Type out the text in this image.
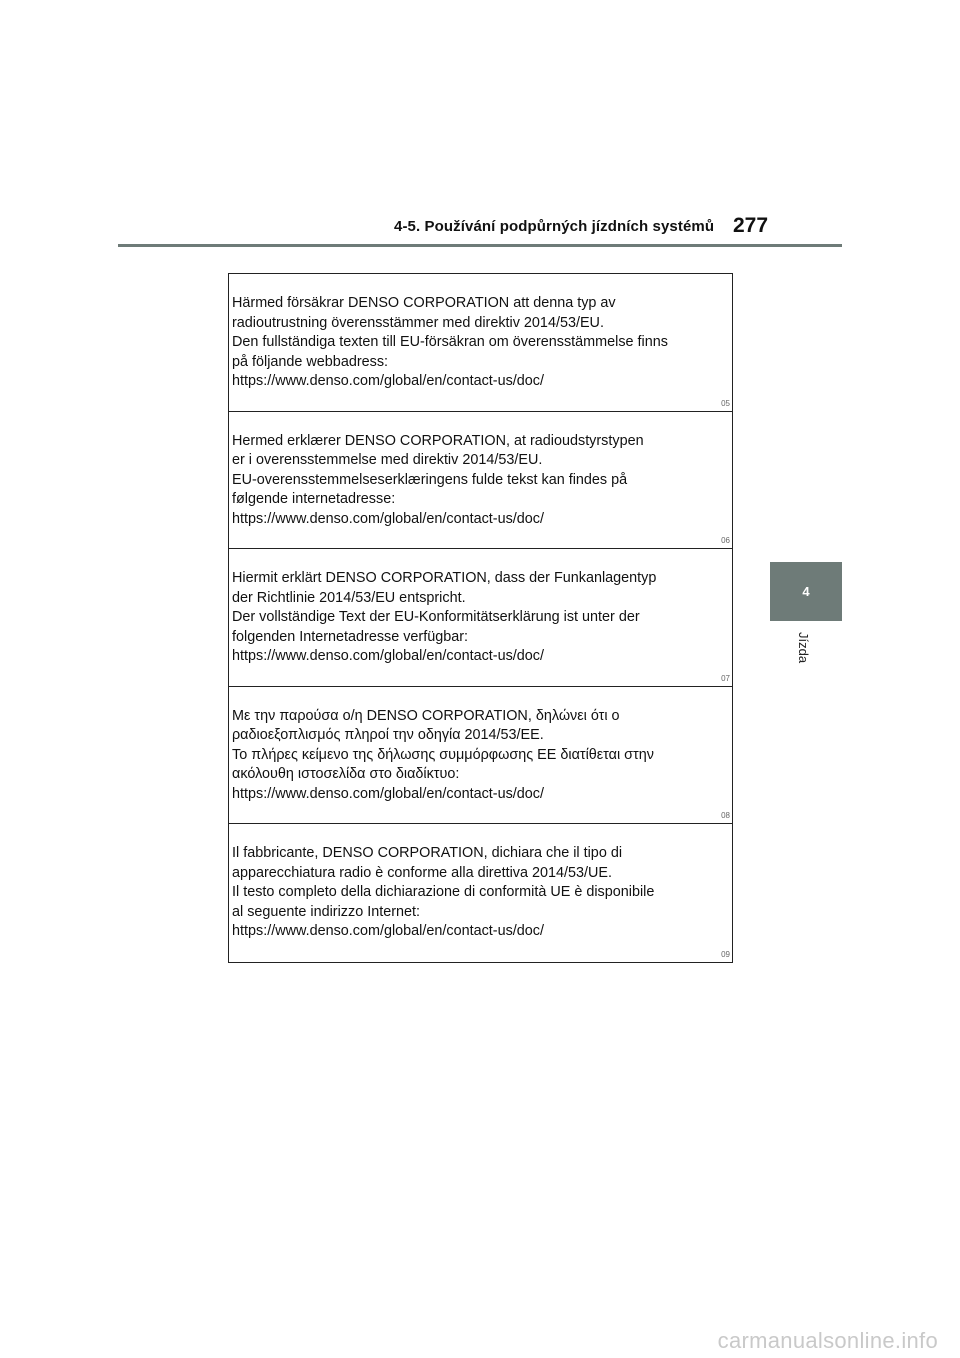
4-5. Používání podpůrných jízdních systémů 277
4
Jízda
Härmed försäkrar DENSO CORPORATION att denna typ av
radioutrustning överensstämmer med direktiv 2014/53/EU.
Den fullständiga texten till EU-försäkran om överensstämmelse finns
på följande webbadress:
https://www.denso.com/global/en/contact-us/doc/
05
Hermed erklærer DENSO CORPORATION, at radioudstyrstypen
er i overensstemmelse med direktiv 2014/53/EU.
EU-overensstemmelseserklæringens fulde tekst kan findes på
følgende internetadresse:
https://www.denso.com/global/en/contact-us/doc/
06
Hiermit erklärt DENSO CORPORATION, dass der Funkanlagentyp
der Richtlinie 2014/53/EU entspricht.
Der vollständige Text der EU-Konformitätserklärung ist unter der
folgenden Internetadresse verfügbar:
https://www.denso.com/global/en/contact-us/doc/
07
Με την παρούσα ο/η DENSO CORPORATION, δηλώνει ότι ο
ραδιοεξοπλισμός πληροί την οδηγία 2014/53/ΕΕ.
Το πλήρες κείμενο της δήλωσης συμμόρφωσης ΕΕ διατίθεται στην
ακόλουθη ιστοσελίδα στο διαδίκτυο:
https://www.denso.com/global/en/contact-us/doc/
08
Il fabbricante, DENSO CORPORATION, dichiara che il tipo di
apparecchiatura radio è conforme alla direttiva 2014/53/UE.
Il testo completo della dichiarazione di conformità UE è disponibile
al seguente indirizzo Internet:
https://www.denso.com/global/en/contact-us/doc/
09
carmanualsonline.info
